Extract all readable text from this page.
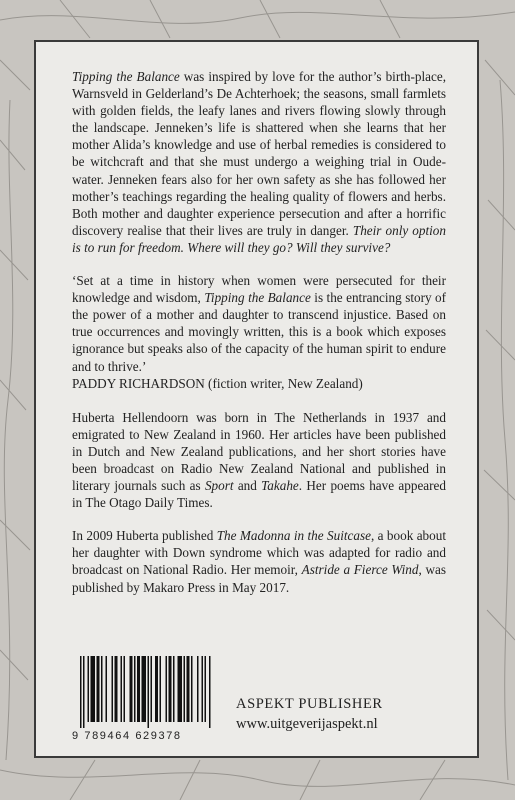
Tipping the Balance was inspired by love for the author’s birth-place, Warnsveld in Gelderland’s De Achterhoek; the seasons, small farmlets with golden fields, the leafy lanes and rivers flowing slowly through the landscape. Jenneken’s life is shattered when she learns that her mother Alida’s knowledge and use of herbal remedies is considered to be witchcraft and that she must undergo a weighing trial in Oudewater. Jenneken fears also for her own safety as she has followed her mother’s teachings regarding the healing quality of flowers and herbs. Both mother and daughter experience persecution and after a horrific discovery realise that their lives are truly in danger. Their only option is to run for freedom. Where will they go? Will they survive?

‘Set at a time in history when women were persecuted for their knowledge and wisdom, Tipping the Balance is the entrancing story of the power of a mother and daughter to transcend injustice. Based on true occurrences and movingly written, this is a book which exposes ignorance but speaks also of the capacity of the human spirit to endure and to thrive.’
PADDY RICHARDSON (fiction writer, New Zealand)

Huberta Hellendoorn was born in The Netherlands in 1937 and emigrated to New Zealand in 1960. Her articles have been published in Dutch and New Zealand publications, and her short stories have been broadcast on Radio New Zealand National and published in literary journals such as Sport and Takahe. Her poems have appeared in The Otago Daily Times.

In 2009 Huberta published The Madonna in the Suitcase, a book about her daughter with Down syndrome which was adapted for radio and broadcast on National Radio. Her memoir, Astride a Fierce Wind, was published by Makaro Press in May 2017.

9 789464 629378
ASPEKT PUBLISHER
www.uitgeverijaspekt.nl
